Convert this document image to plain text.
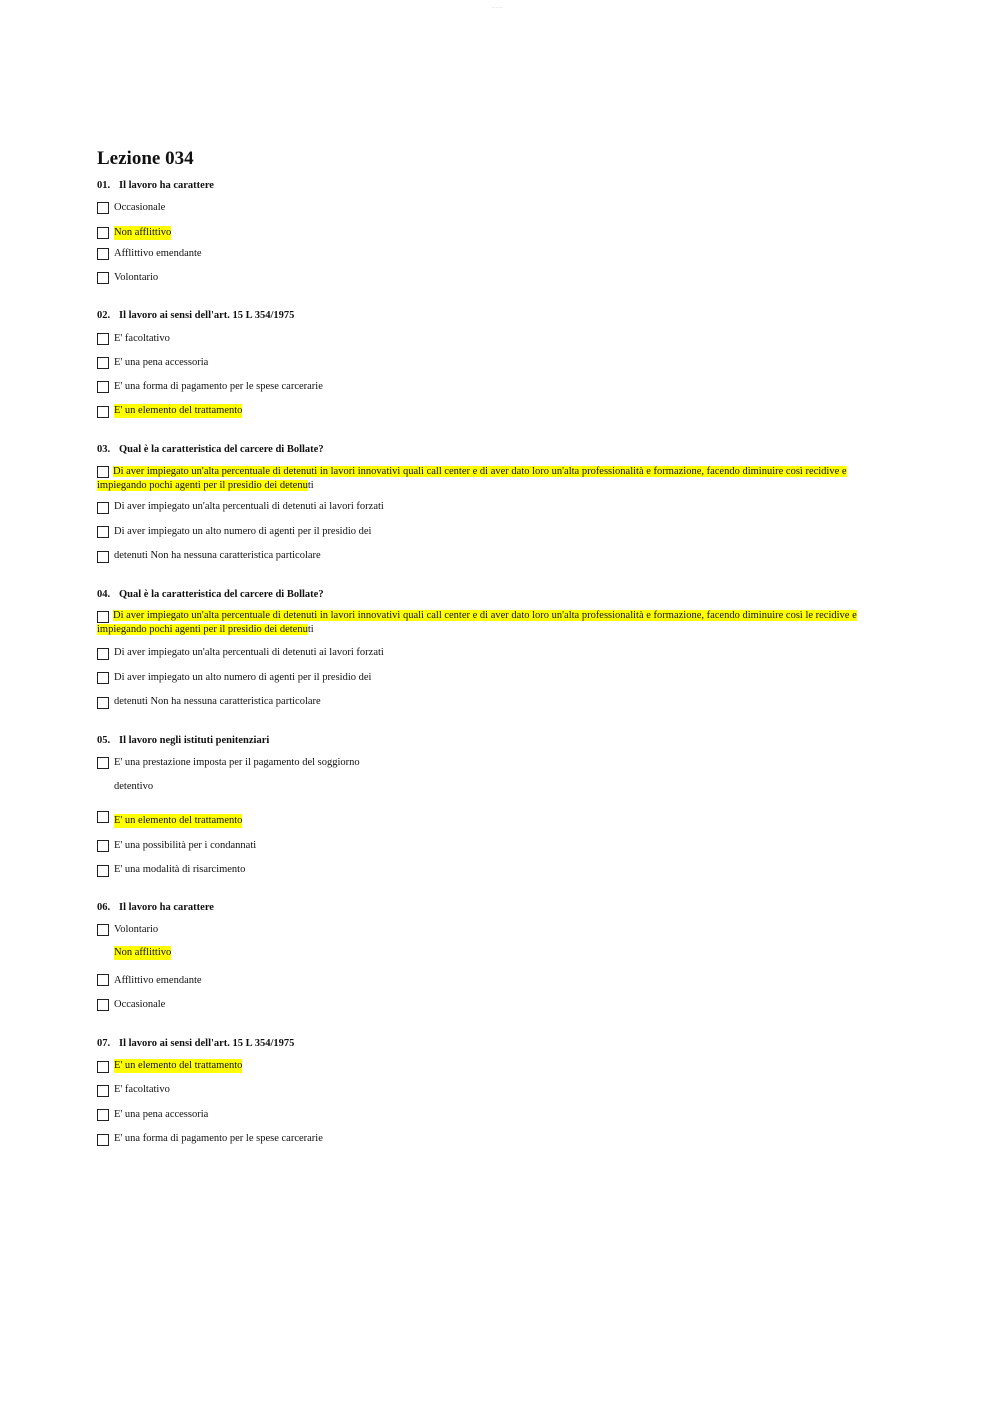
— — —
Lezione 034
01. Il lavoro ha carattere
Occasionale
Non afflittivo
Afflittivo emendante
Volontario
02. Il lavoro ai sensi dell'art. 15 L 354/1975
E' facoltativo
E' una pena accessoria
E' una forma di pagamento per le spese carcerarie
E' un elemento del trattamento
03. Qual è la caratteristica del carcere di Bollate?
Di aver impiegato un'alta percentuale di detenuti in lavori innovativi quali call center e di aver dato loro un'alta professionalità e formazione, facendo diminuire così recidive e impiegando pochi agenti per il presidio dei detenuti
Di aver impiegato un'alta percentuali di detenuti ai lavori forzati
Di aver impiegato un alto numero di agenti per il presidio dei
detenuti Non ha nessuna caratteristica particolare
04. Qual è la caratteristica del carcere di Bollate?
Di aver impiegato un'alta percentuale di detenuti in lavori innovativi quali call center e di aver dato loro un'alta professionalità e formazione, facendo diminuire così le recidive e impiegando pochi agenti per il presidio dei detenuti
Di aver impiegato un'alta percentuali di detenuti ai lavori forzati
Di aver impiegato un alto numero di agenti per il presidio dei
detenuti Non ha nessuna caratteristica particolare
05. Il lavoro negli istituti penitenziari
E' una prestazione imposta per il pagamento del soggiorno
detentivo
E' un elemento del trattamento
E' una possibilità per i condannati
E' una modalità di risarcimento
06. Il lavoro ha carattere
Volontario
Non afflittivo
Afflittivo emendante
Occasionale
07. Il lavoro ai sensi dell'art. 15 L 354/1975
E' un elemento del trattamento
E' facoltativo
E' una pena accessoria
E' una forma di pagamento per le spese carcerarie
